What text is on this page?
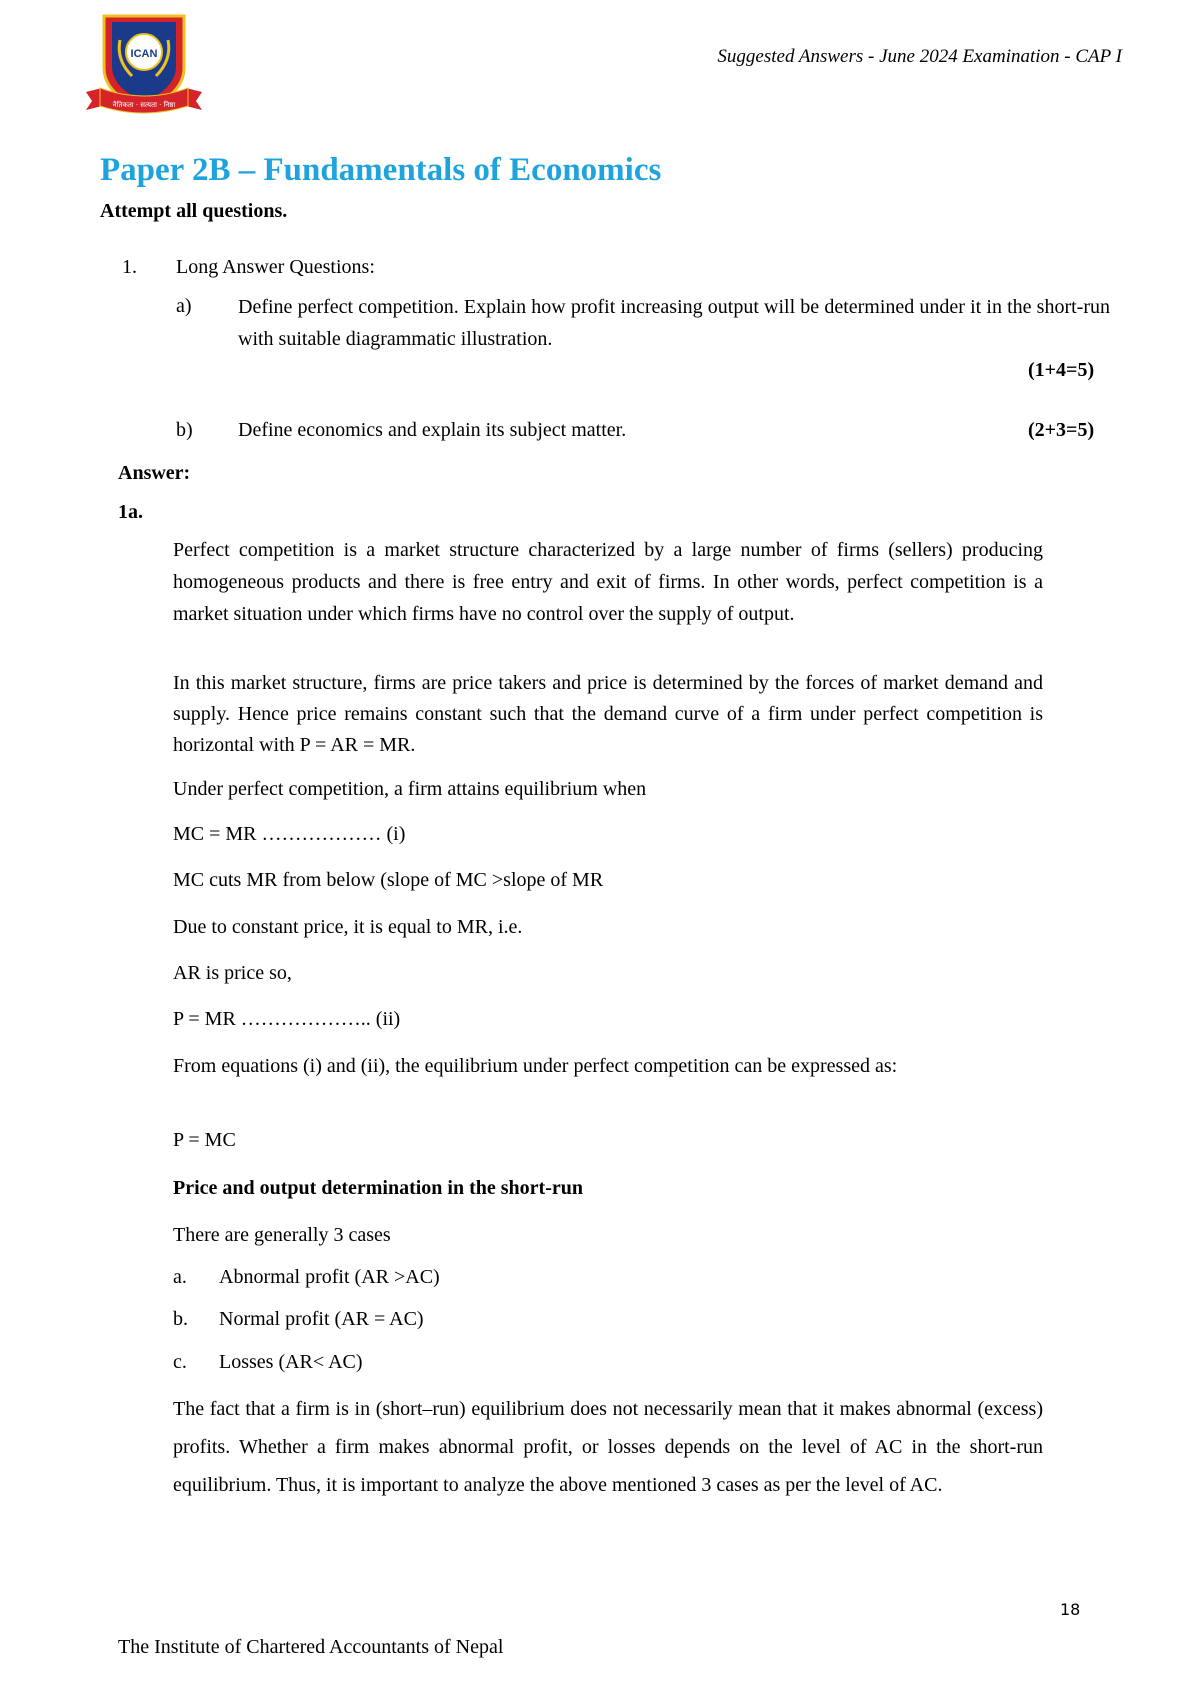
ICAN
नैतिकता · सत्यता · निष्ठा
Suggested Answers - June 2024 Examination - CAP I
Paper 2B – Fundamentals of Economics
Attempt all questions.
1. Long Answer Questions:
a) Define perfect competition. Explain how profit increasing output will be determined under it in the short-run with suitable diagrammatic illustration.
(1+4=5)
b) Define economics and explain its subject matter.	(2+3=5)
Answer:
1a.
Perfect competition is a market structure characterized by a large number of firms (sellers) producing homogeneous products and there is free entry and exit of firms. In other words, perfect competition is a market situation under which firms have no control over the supply of output.
In this market structure, firms are price takers and price is determined by the forces of market demand and supply. Hence price remains constant such that the demand curve of a firm under perfect competition is horizontal with P = AR = MR.
Under perfect competition, a firm attains equilibrium when
MC = MR ……………… (i)
MC cuts MR from below (slope of MC >slope of MR
Due to constant price, it is equal to MR, i.e.
AR is price so,
P = MR ……………….. (ii)
From equations (i) and (ii), the equilibrium under perfect competition can be expressed as:
P = MC
Price and output determination in the short-run
There are generally 3 cases
a. Abnormal profit (AR >AC)
b. Normal profit (AR = AC)
c. Losses (AR< AC)
The fact that a firm is in (short–run) equilibrium does not necessarily mean that it makes abnormal (excess) profits. Whether a firm makes abnormal profit, or losses depends on the level of AC in the short-run equilibrium. Thus, it is important to analyze the above mentioned 3 cases as per the level of AC.
18
The Institute of Chartered Accountants of Nepal
